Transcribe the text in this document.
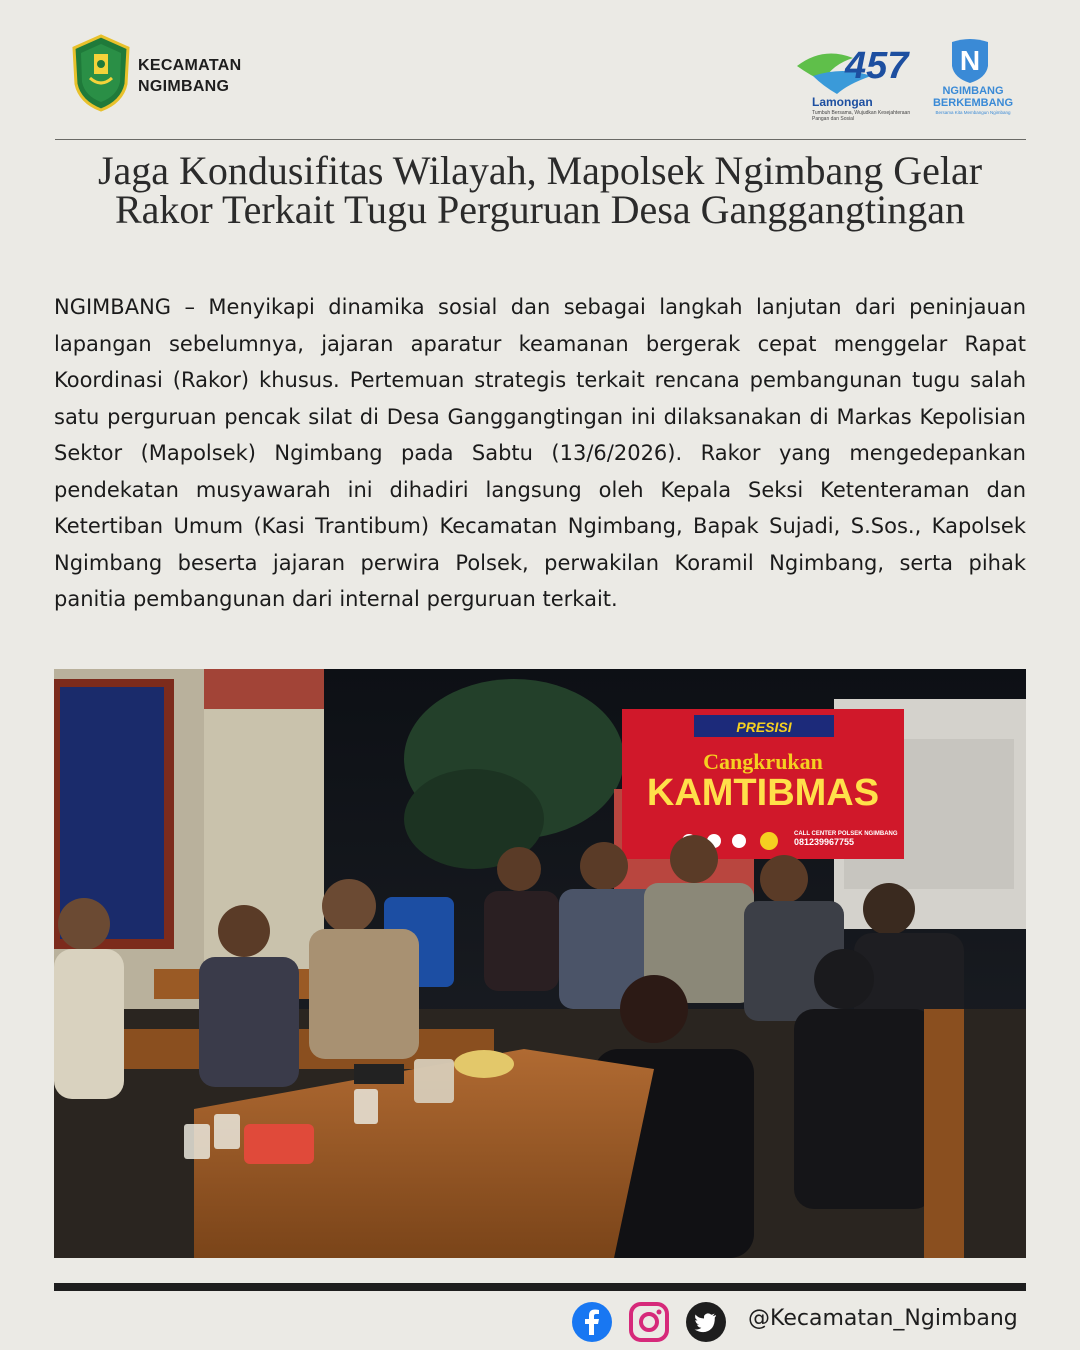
KECAMATAN
NGIMBANG	457
Lamongan
Tumbuh Bersama, Wujudkan Kesejahteraan Pangan dan Sosial
N
NGIMBANG
BERKEMBANG
Bersama Kita Membangun Ngimbang
Jaga Kondusifitas Wilayah, Mapolsek Ngimbang Gelar Rakor Terkait Tugu Perguruan Desa Ganggangtingan

NGIMBANG – Menyikapi dinamika sosial dan sebagai langkah lanjutan dari peninjauan lapangan sebelumnya, jajaran aparatur keamanan bergerak cepat menggelar Rapat Koordinasi (Rakor) khusus. Pertemuan strategis terkait rencana pembangunan tugu salah satu perguruan pencak silat di Desa Ganggangtingan ini dilaksanakan di Markas Kepolisian Sektor (Mapolsek) Ngimbang pada Sabtu (13/6/2026). Rakor yang mengedepankan pendekatan musyawarah ini dihadiri langsung oleh Kepala Seksi Ketenteraman dan Ketertiban Umum (Kasi Trantibum) Kecamatan Ngimbang, Bapak Sujadi, S.Sos., Kapolsek Ngimbang beserta jajaran perwira Polsek, perwakilan Koramil Ngimbang, serta pihak panitia pembangunan dari internal perguruan terkait.

PRESISI
Cangkrukan
KAMTIBMAS
CALL CENTER POLSEK NGIMBANG
081239967755
@Kecamatan_Ngimbang
